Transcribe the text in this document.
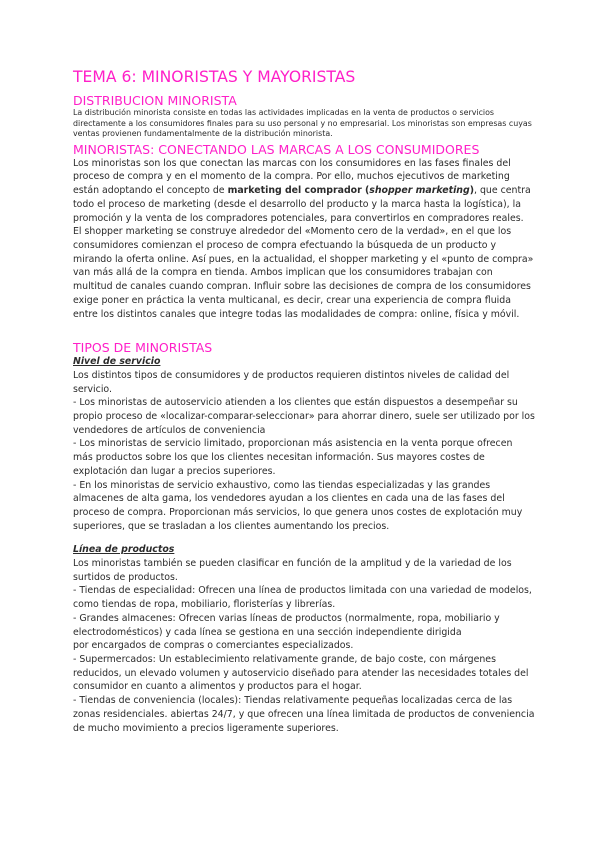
TEMA 6: MINORISTAS Y MAYORISTAS
DISTRIBUCION MINORISTA

La distribución minorista consiste en todas las actividades implicadas en la venta de productos o servicios directamente a los consumidores finales para su uso personal y no empresarial. Los minoristas son empresas cuyas ventas provienen fundamentalmente de la distribución minorista.

MINORISTAS: CONECTANDO LAS MARCAS A LOS CONSUMIDORES

Los minoristas son los que conectan las marcas con los consumidores en las fases finales del proceso de compra y en el momento de la compra. Por ello, muchos ejecutivos de marketing están adoptando el concepto de marketing del comprador (shopper marketing), que centra todo el proceso de marketing (desde el desarrollo del producto y la marca hasta la logística), la promoción y la venta de los compradores potenciales, para convertirlos en compradores reales. El shopper marketing se construye alrededor del «Momento cero de la verdad», en el que los consumidores comienzan el proceso de compra efectuando la búsqueda de un producto y mirando la oferta online. Así pues, en la actualidad, el shopper marketing y el «punto de compra» van más allá de la compra en tienda. Ambos implican que los consumidores trabajan con multitud de canales cuando compran. Influir sobre las decisiones de compra de los consumidores exige poner en práctica la venta multicanal, es decir, crear una experiencia de compra fluida entre los distintos canales que integre todas las modalidades de compra: online, física y móvil.

TIPOS DE MINORISTAS

Nivel de servicio

Los distintos tipos de consumidores y de productos requieren distintos niveles de calidad del servicio.

- Los minoristas de autoservicio atienden a los clientes que están dispuestos a desempeñar su propio proceso de «localizar-comparar-seleccionar» para ahorrar dinero, suele ser utilizado por los vendedores de artículos de conveniencia

- Los minoristas de servicio limitado, proporcionan más asistencia en la venta porque ofrecen más productos sobre los que los clientes necesitan información. Sus mayores costes de explotación dan lugar a precios superiores.

- En los minoristas de servicio exhaustivo, como las tiendas especializadas y las grandes almacenes de alta gama, los vendedores ayudan a los clientes en cada una de las fases del proceso de compra. Proporcionan más servicios, lo que genera unos costes de explotación muy superiores, que se trasladan a los clientes aumentando los precios.

Línea de productos

Los minoristas también se pueden clasificar en función de la amplitud y de la variedad de los surtidos de productos.

- Tiendas de especialidad: Ofrecen una línea de productos limitada con una variedad de modelos, como tiendas de ropa, mobiliario, floristerías y librerías.

- Grandes almacenes: Ofrecen varias líneas de productos (normalmente, ropa, mobiliario y electrodomésticos) y cada línea se gestiona en una sección independiente dirigida

por encargados de compras o comerciantes especializados.

- Supermercados: Un establecimiento relativamente grande, de bajo coste, con márgenes reducidos, un elevado volumen y autoservicio diseñado para atender las necesidades totales del consumidor en cuanto a alimentos y productos para el hogar.

- Tiendas de conveniencia (locales): Tiendas relativamente pequeñas localizadas cerca de las zonas residenciales. abiertas 24/7, y que ofrecen una línea limitada de productos de conveniencia de mucho movimiento a precios ligeramente superiores.
